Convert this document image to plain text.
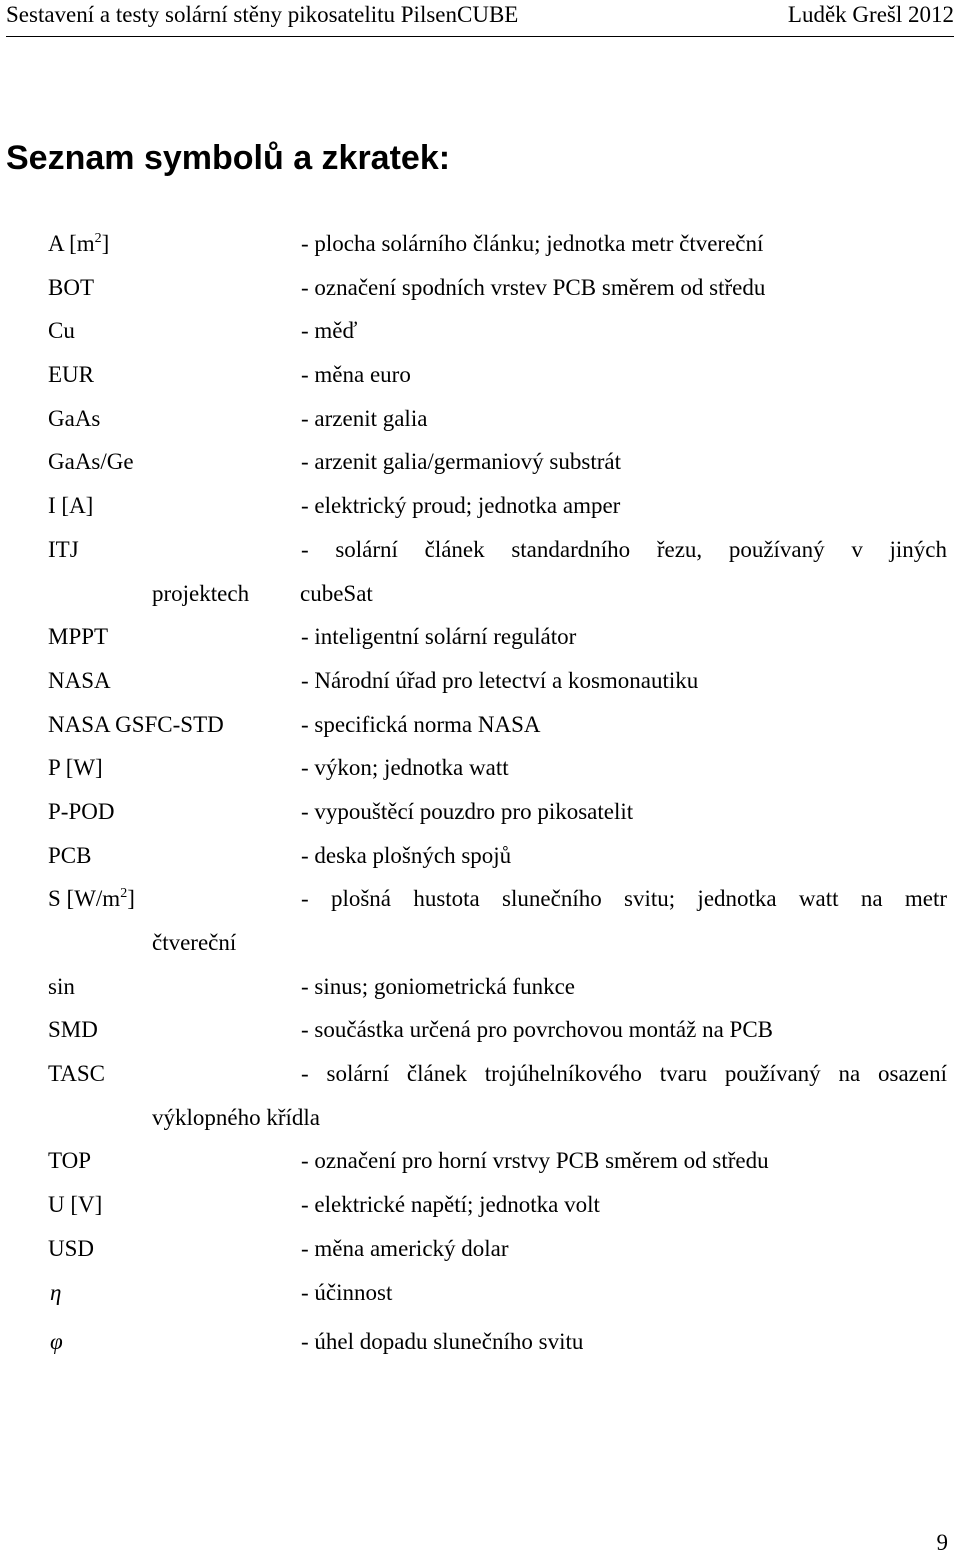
Sestavení a testy solární stěny pikosatelitu PilsenCUBE	Luděk Grešl 2012
Seznam symbolů a zkratek:
A $[m^2]$	- plocha solárního článku; jednotka metr čtvereční
BOT	- označení spodních vrstev PCB směrem od středu
Cu	- měď
EUR	- měna euro
GaAs	- arzenit galia
GaAs/Ge	- arzenit galia/germaniový substrát
I [A]	- elektrický proud; jednotka amper
ITJ	- solární článek standardního řezu, používaný v jiných
projektech cubeSat
MPPT	- inteligentní solární regulátor
NASA	- Národní úřad pro letectví a kosmonautiku
NASA GSFC-STD	- specifická norma NASA
P [W]	- výkon; jednotka watt
P-POD	- vypouštěcí pouzdro pro pikosatelit
PCB	- deska plošných spojů
S $[W/m^2]$	- plošná hustota slunečního svitu; jednotka watt na metr
čtvereční
sin	- sinus; goniometrická funkce
SMD	- součástka určená pro povrchovou montáž na PCB
TASC	- solární článek trojúhelníkového tvaru používaný na osazení
výklopného křídla
TOP	- označení pro horní vrstvy PCB směrem od středu
U [V]	- elektrické napětí; jednotka volt
USD	- měna americký dolar
η	- účinnost
φ	- úhel dopadu slunečního svitu
9
